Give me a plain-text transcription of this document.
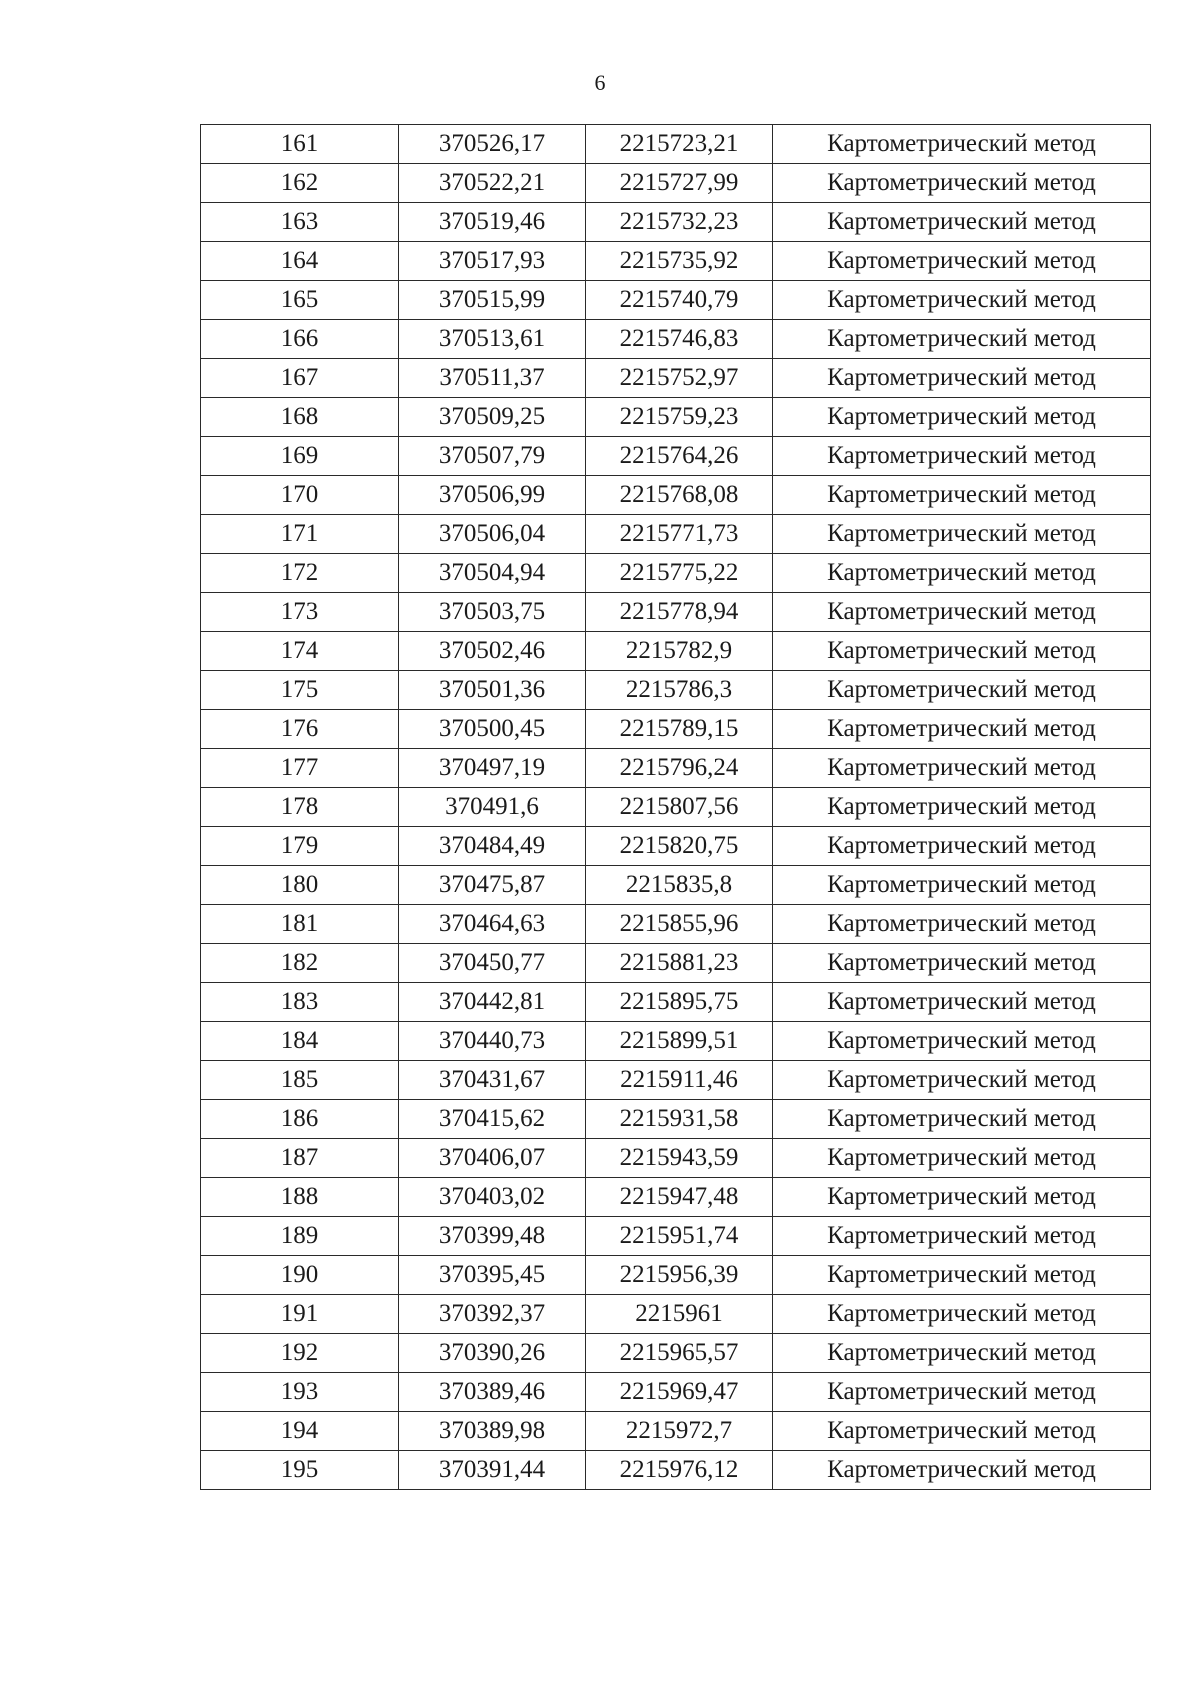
6
161	370526,17	2215723,21	Картометрический метод
162	370522,21	2215727,99	Картометрический метод
163	370519,46	2215732,23	Картометрический метод
164	370517,93	2215735,92	Картометрический метод
165	370515,99	2215740,79	Картометрический метод
166	370513,61	2215746,83	Картометрический метод
167	370511,37	2215752,97	Картометрический метод
168	370509,25	2215759,23	Картометрический метод
169	370507,79	2215764,26	Картометрический метод
170	370506,99	2215768,08	Картометрический метод
171	370506,04	2215771,73	Картометрический метод
172	370504,94	2215775,22	Картометрический метод
173	370503,75	2215778,94	Картометрический метод
174	370502,46	2215782,9	Картометрический метод
175	370501,36	2215786,3	Картометрический метод
176	370500,45	2215789,15	Картометрический метод
177	370497,19	2215796,24	Картометрический метод
178	370491,6	2215807,56	Картометрический метод
179	370484,49	2215820,75	Картометрический метод
180	370475,87	2215835,8	Картометрический метод
181	370464,63	2215855,96	Картометрический метод
182	370450,77	2215881,23	Картометрический метод
183	370442,81	2215895,75	Картометрический метод
184	370440,73	2215899,51	Картометрический метод
185	370431,67	2215911,46	Картометрический метод
186	370415,62	2215931,58	Картометрический метод
187	370406,07	2215943,59	Картометрический метод
188	370403,02	2215947,48	Картометрический метод
189	370399,48	2215951,74	Картометрический метод
190	370395,45	2215956,39	Картометрический метод
191	370392,37	2215961	Картометрический метод
192	370390,26	2215965,57	Картометрический метод
193	370389,46	2215969,47	Картометрический метод
194	370389,98	2215972,7	Картометрический метод
195	370391,44	2215976,12	Картометрический метод
